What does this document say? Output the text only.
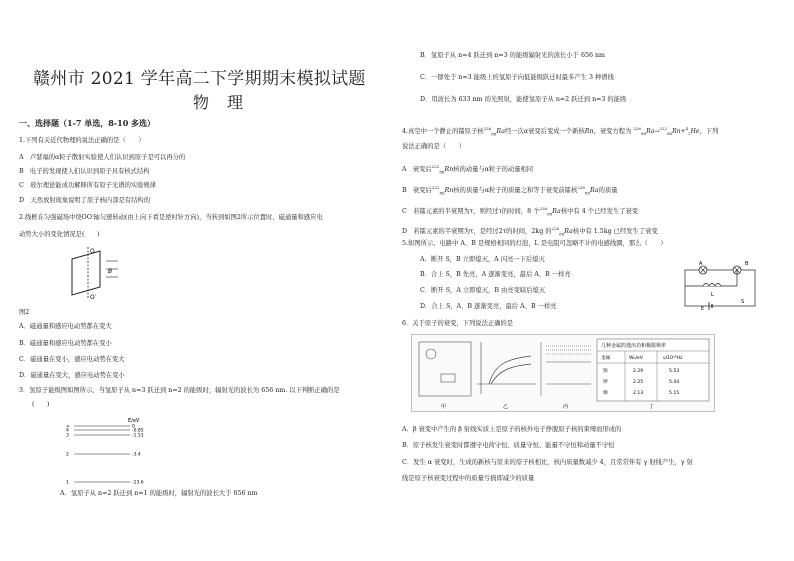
赣州市 2021 学年高二下学期期末模拟试题
物理
一、选择题（1-7 单选，8-10 多选）
1.下列有关近代物理的说法正确的是（　　）
A　卢瑟福的α粒子散射实验使人们认识到原子是可以再分的
B　电子的发现使人们认识到原子具有核式结构
C　玻尔理论能成功解释所有原子光谱的实验规律
D　天然放射现象说明了原子核内部是有结构的
2.线框在匀强磁场中绕OO′轴匀速转动(由上向下看是逆时针方向)，当转到如图2所示位置时，磁通量和感应电
动势大小的变化情况是(　　)
O
O′
B
图2
A．磁通量和感应电动势都在变大
B．磁通量和感应电动势都在变小
C．磁通量在变小，感应电动势在变大
D．磁通量在变大，感应电动势在变小
3．氢原子能级图如图所示，当氢原子从 n=3 跃迁到 n=2 的能级时，辐射光的波长为 656 nm. 以下判断正确的是
(　　)
E/eV
∞	0
4	-0.85
3	-1.51
2	-3.4
1	-13.6
A．氢原子从 n=2 跃迁到 n=1 的能级时，辐射光的波长大于 656 nm
B．氢原子从 n=4 跃迁到 n=3 的能级辐射光的波长小于 656 nm
C．一群处于 n=3 能级上的氢原子向低能级跃迁时最多产生 3 种谱线
D．用波长为 633 nm 的光照射，能使氢原子从 n=2 跃迁到 n=3 的能级
4.真空中一个静止的镭原子核$^{226}_{88}$Ra经一次α衰变后变成一个新核Rn，衰变方程为 $^{226}_{88}$Ra→$^{222}_{86}$Rn+$^4_2$He，下列
说法正确的是（　　）
A　衰变后$^{222}_{86}$Rn核的动量与α粒子的动量相同
B　衰变后$^{222}_{86}$Rn核的质量与α粒子的质量之和等于衰变前镭核$^{226}_{88}$Ra的质量
C　若镭元素的半衰期为τ，则经过τ的时间，8 个$^{226}_{88}$Ra核中有 4 个已经发生了衰变
D　若镭元素的半衰期为τ，是经过2τ的时间，2kg 的$^{226}_{88}$Ra核中有 1.5kg 已经发生了衰变
5.如图所示，电路中 A、B 是规格相同的灯泡，L 是电阻可忽略不计的电感线圈，那么（　　）
A．断开 S，B 立即熄灭，A 闪亮一下后熄灭
B．合上 S，B 先亮，A 逐渐变亮，最后 A、B 一样亮
C．断开 S，A 立即熄灭，B 由亮变暗后熄灭
D．合上 S，A、B 逐渐变亮，最后 A、B 一样亮
A	B
L
E
S
6．关于原子的衰变，下列说法正确的是
几种金属的逸出功和极限频率
金属	W₀/eV	ν/10¹⁴Hz
钠	2.29	5.53
钾	2.25	5.44
铷	2.13	5.15
甲	乙	丙	丁
A．β 衰变中产生的 β 射线实质上是原子的核外电子挣脱原子核的束缚而形成的
B．原子核发生衰变时都遵守电荷守恒、质量守恒、能量不守恒和动量不守恒
C．发生 α 衰变时，生成的新核与原来的原子核相比，核内质量数减少 4，且常常伴有 γ 射线产生，γ 射
线是原子核衰变过程中的质量亏损即减少的质量
